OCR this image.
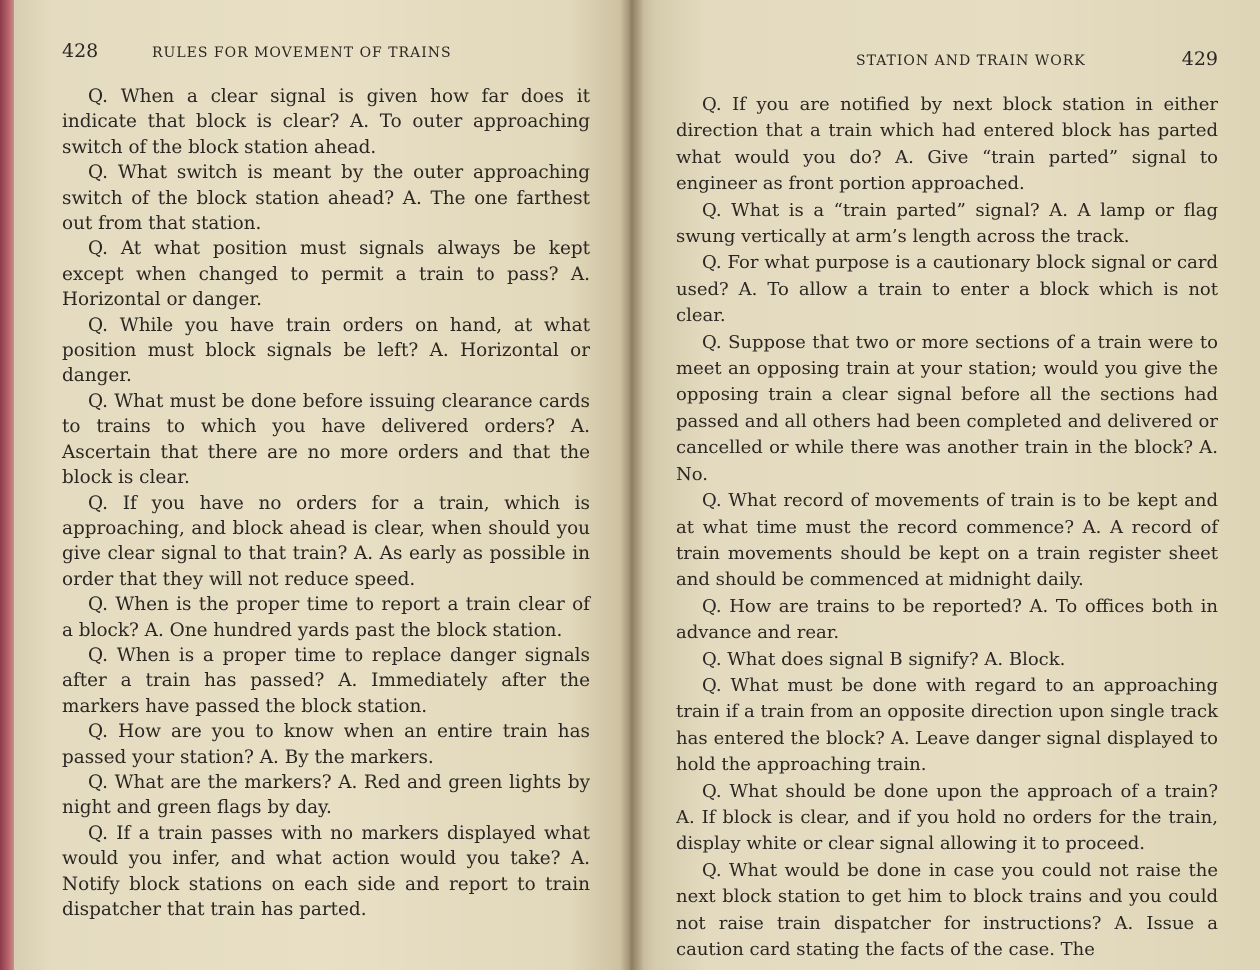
428	RULES FOR MOVEMENT OF TRAINS

Q. When a clear signal is given how far does it indicate that block is clear? A. To outer approaching switch of the block station ahead.

Q. What switch is meant by the outer approaching switch of the block station ahead? A. The one farthest out from that station.

Q. At what position must signals always be kept except when changed to permit a train to pass? A. Horizontal or danger.

Q. While you have train orders on hand, at what position must block signals be left? A. Horizontal or danger.

Q. What must be done before issuing clearance cards to trains to which you have delivered orders? A. Ascertain that there are no more orders and that the block is clear.

Q. If you have no orders for a train, which is approaching, and block ahead is clear, when should you give clear signal to that train? A. As early as possible in order that they will not reduce speed.

Q. When is the proper time to report a train clear of a block? A. One hundred yards past the block station.

Q. When is a proper time to replace danger signals after a train has passed? A. Immediately after the markers have passed the block station.

Q. How are you to know when an entire train has passed your station? A. By the markers.

Q. What are the markers? A. Red and green lights by night and green flags by day.

Q. If a train passes with no markers displayed what would you infer, and what action would you take? A. Notify block stations on each side and report to train dispatcher that train has parted.

STATION AND TRAIN WORK	429

Q. If you are notified by next block station in either direction that a train which had entered block has parted what would you do? A. Give “train parted” signal to engineer as front portion approached.

Q. What is a “train parted” signal? A. A lamp or flag swung vertically at arm’s length across the track.

Q. For what purpose is a cautionary block signal or card used? A. To allow a train to enter a block which is not clear.

Q. Suppose that two or more sections of a train were to meet an opposing train at your station; would you give the opposing train a clear signal before all the sections had passed and all others had been completed and delivered or cancelled or while there was another train in the block? A. No.

Q. What record of movements of train is to be kept and at what time must the record commence? A. A record of train movements should be kept on a train register sheet and should be commenced at midnight daily.

Q. How are trains to be reported? A. To offices both in advance and rear.

Q. What does signal B signify? A. Block.

Q. What must be done with regard to an approaching train if a train from an opposite direction upon single track has entered the block? A. Leave danger signal displayed to hold the approaching train.

Q. What should be done upon the approach of a train? A. If block is clear, and if you hold no orders for the train, display white or clear signal allowing it to proceed.

Q. What would be done in case you could not raise the next block station to get him to block trains and you could not raise train dispatcher for instructions? A. Issue a caution card stating the facts of the case. The
